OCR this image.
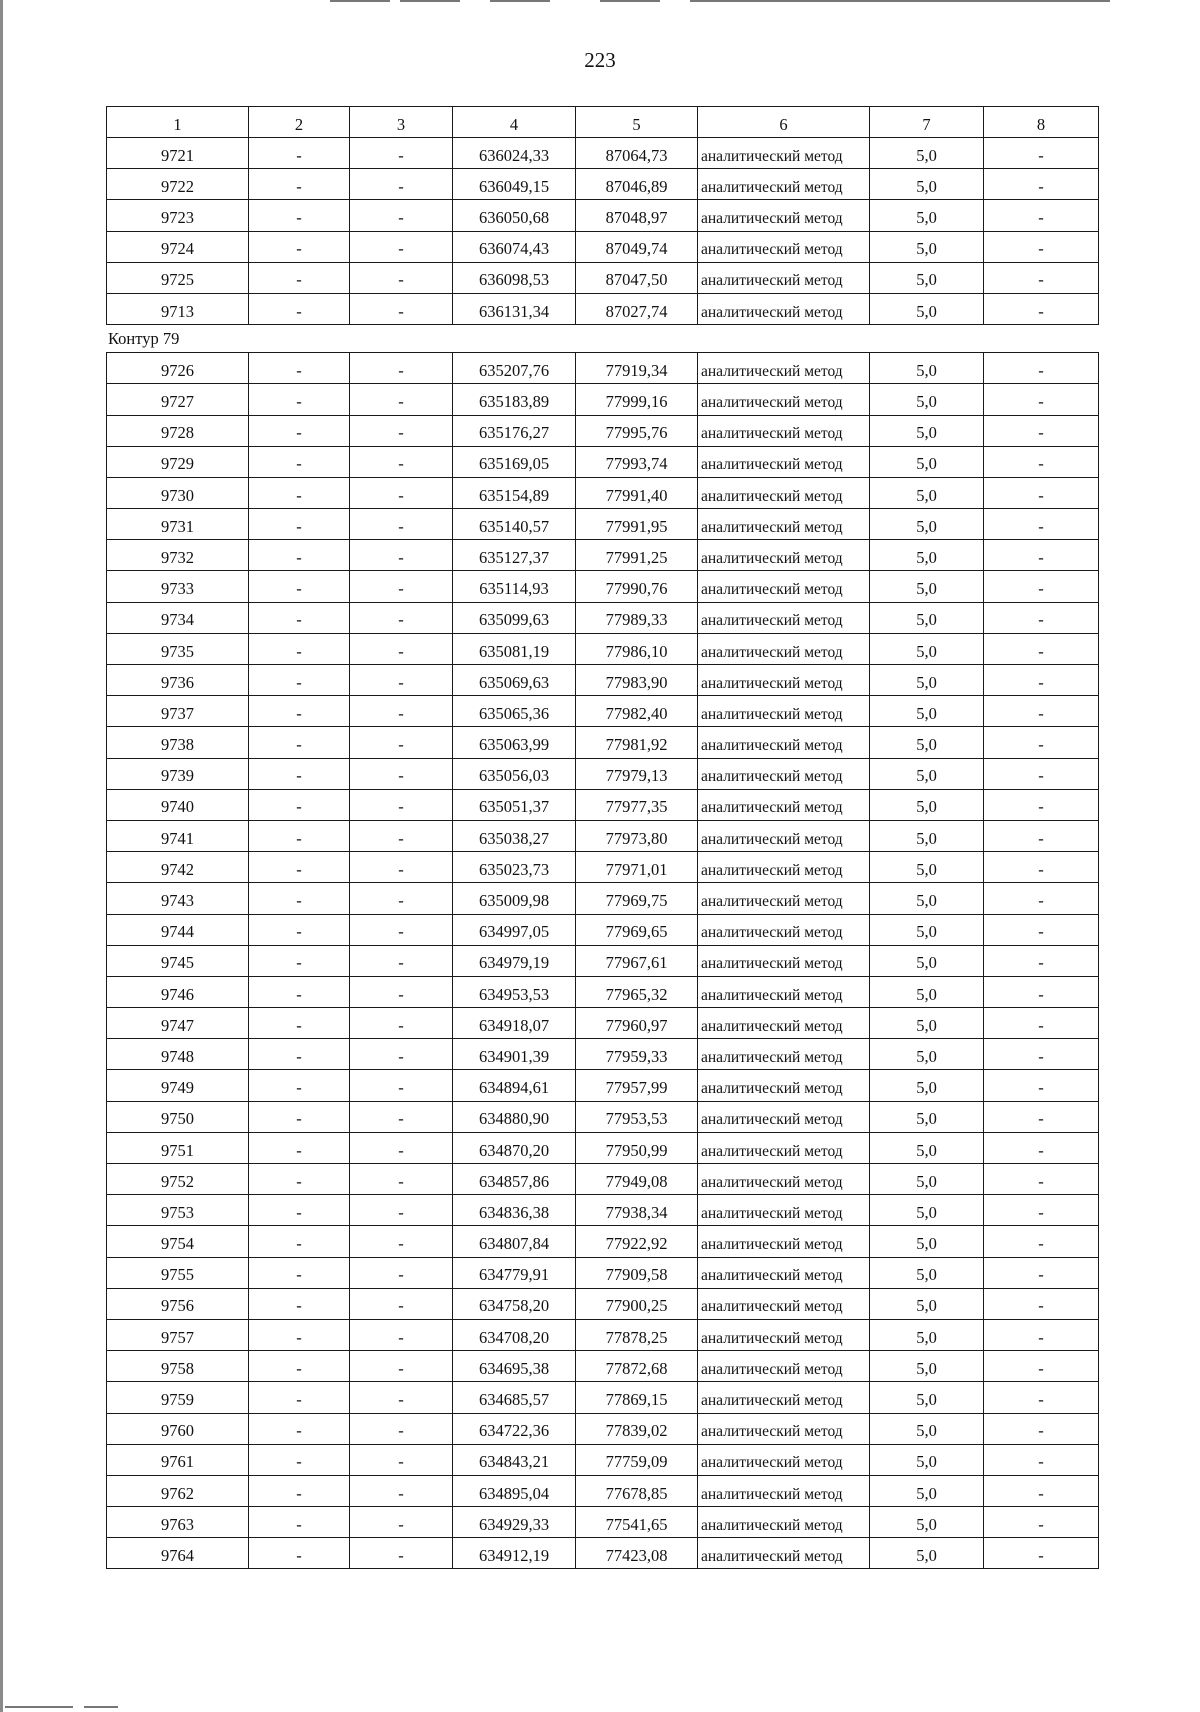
223
1	2	3	4	5	6	7	8
9721	-	-	636024,33	87064,73	аналитический метод	5,0	-
9722	-	-	636049,15	87046,89	аналитический метод	5,0	-
9723	-	-	636050,68	87048,97	аналитический метод	5,0	-
9724	-	-	636074,43	87049,74	аналитический метод	5,0	-
9725	-	-	636098,53	87047,50	аналитический метод	5,0	-
9713	-	-	636131,34	87027,74	аналитический метод	5,0	-
Контур 79
9726	-	-	635207,76	77919,34	аналитический метод	5,0	-
9727	-	-	635183,89	77999,16	аналитический метод	5,0	-
9728	-	-	635176,27	77995,76	аналитический метод	5,0	-
9729	-	-	635169,05	77993,74	аналитический метод	5,0	-
9730	-	-	635154,89	77991,40	аналитический метод	5,0	-
9731	-	-	635140,57	77991,95	аналитический метод	5,0	-
9732	-	-	635127,37	77991,25	аналитический метод	5,0	-
9733	-	-	635114,93	77990,76	аналитический метод	5,0	-
9734	-	-	635099,63	77989,33	аналитический метод	5,0	-
9735	-	-	635081,19	77986,10	аналитический метод	5,0	-
9736	-	-	635069,63	77983,90	аналитический метод	5,0	-
9737	-	-	635065,36	77982,40	аналитический метод	5,0	-
9738	-	-	635063,99	77981,92	аналитический метод	5,0	-
9739	-	-	635056,03	77979,13	аналитический метод	5,0	-
9740	-	-	635051,37	77977,35	аналитический метод	5,0	-
9741	-	-	635038,27	77973,80	аналитический метод	5,0	-
9742	-	-	635023,73	77971,01	аналитический метод	5,0	-
9743	-	-	635009,98	77969,75	аналитический метод	5,0	-
9744	-	-	634997,05	77969,65	аналитический метод	5,0	-
9745	-	-	634979,19	77967,61	аналитический метод	5,0	-
9746	-	-	634953,53	77965,32	аналитический метод	5,0	-
9747	-	-	634918,07	77960,97	аналитический метод	5,0	-
9748	-	-	634901,39	77959,33	аналитический метод	5,0	-
9749	-	-	634894,61	77957,99	аналитический метод	5,0	-
9750	-	-	634880,90	77953,53	аналитический метод	5,0	-
9751	-	-	634870,20	77950,99	аналитический метод	5,0	-
9752	-	-	634857,86	77949,08	аналитический метод	5,0	-
9753	-	-	634836,38	77938,34	аналитический метод	5,0	-
9754	-	-	634807,84	77922,92	аналитический метод	5,0	-
9755	-	-	634779,91	77909,58	аналитический метод	5,0	-
9756	-	-	634758,20	77900,25	аналитический метод	5,0	-
9757	-	-	634708,20	77878,25	аналитический метод	5,0	-
9758	-	-	634695,38	77872,68	аналитический метод	5,0	-
9759	-	-	634685,57	77869,15	аналитический метод	5,0	-
9760	-	-	634722,36	77839,02	аналитический метод	5,0	-
9761	-	-	634843,21	77759,09	аналитический метод	5,0	-
9762	-	-	634895,04	77678,85	аналитический метод	5,0	-
9763	-	-	634929,33	77541,65	аналитический метод	5,0	-
9764	-	-	634912,19	77423,08	аналитический метод	5,0	-
